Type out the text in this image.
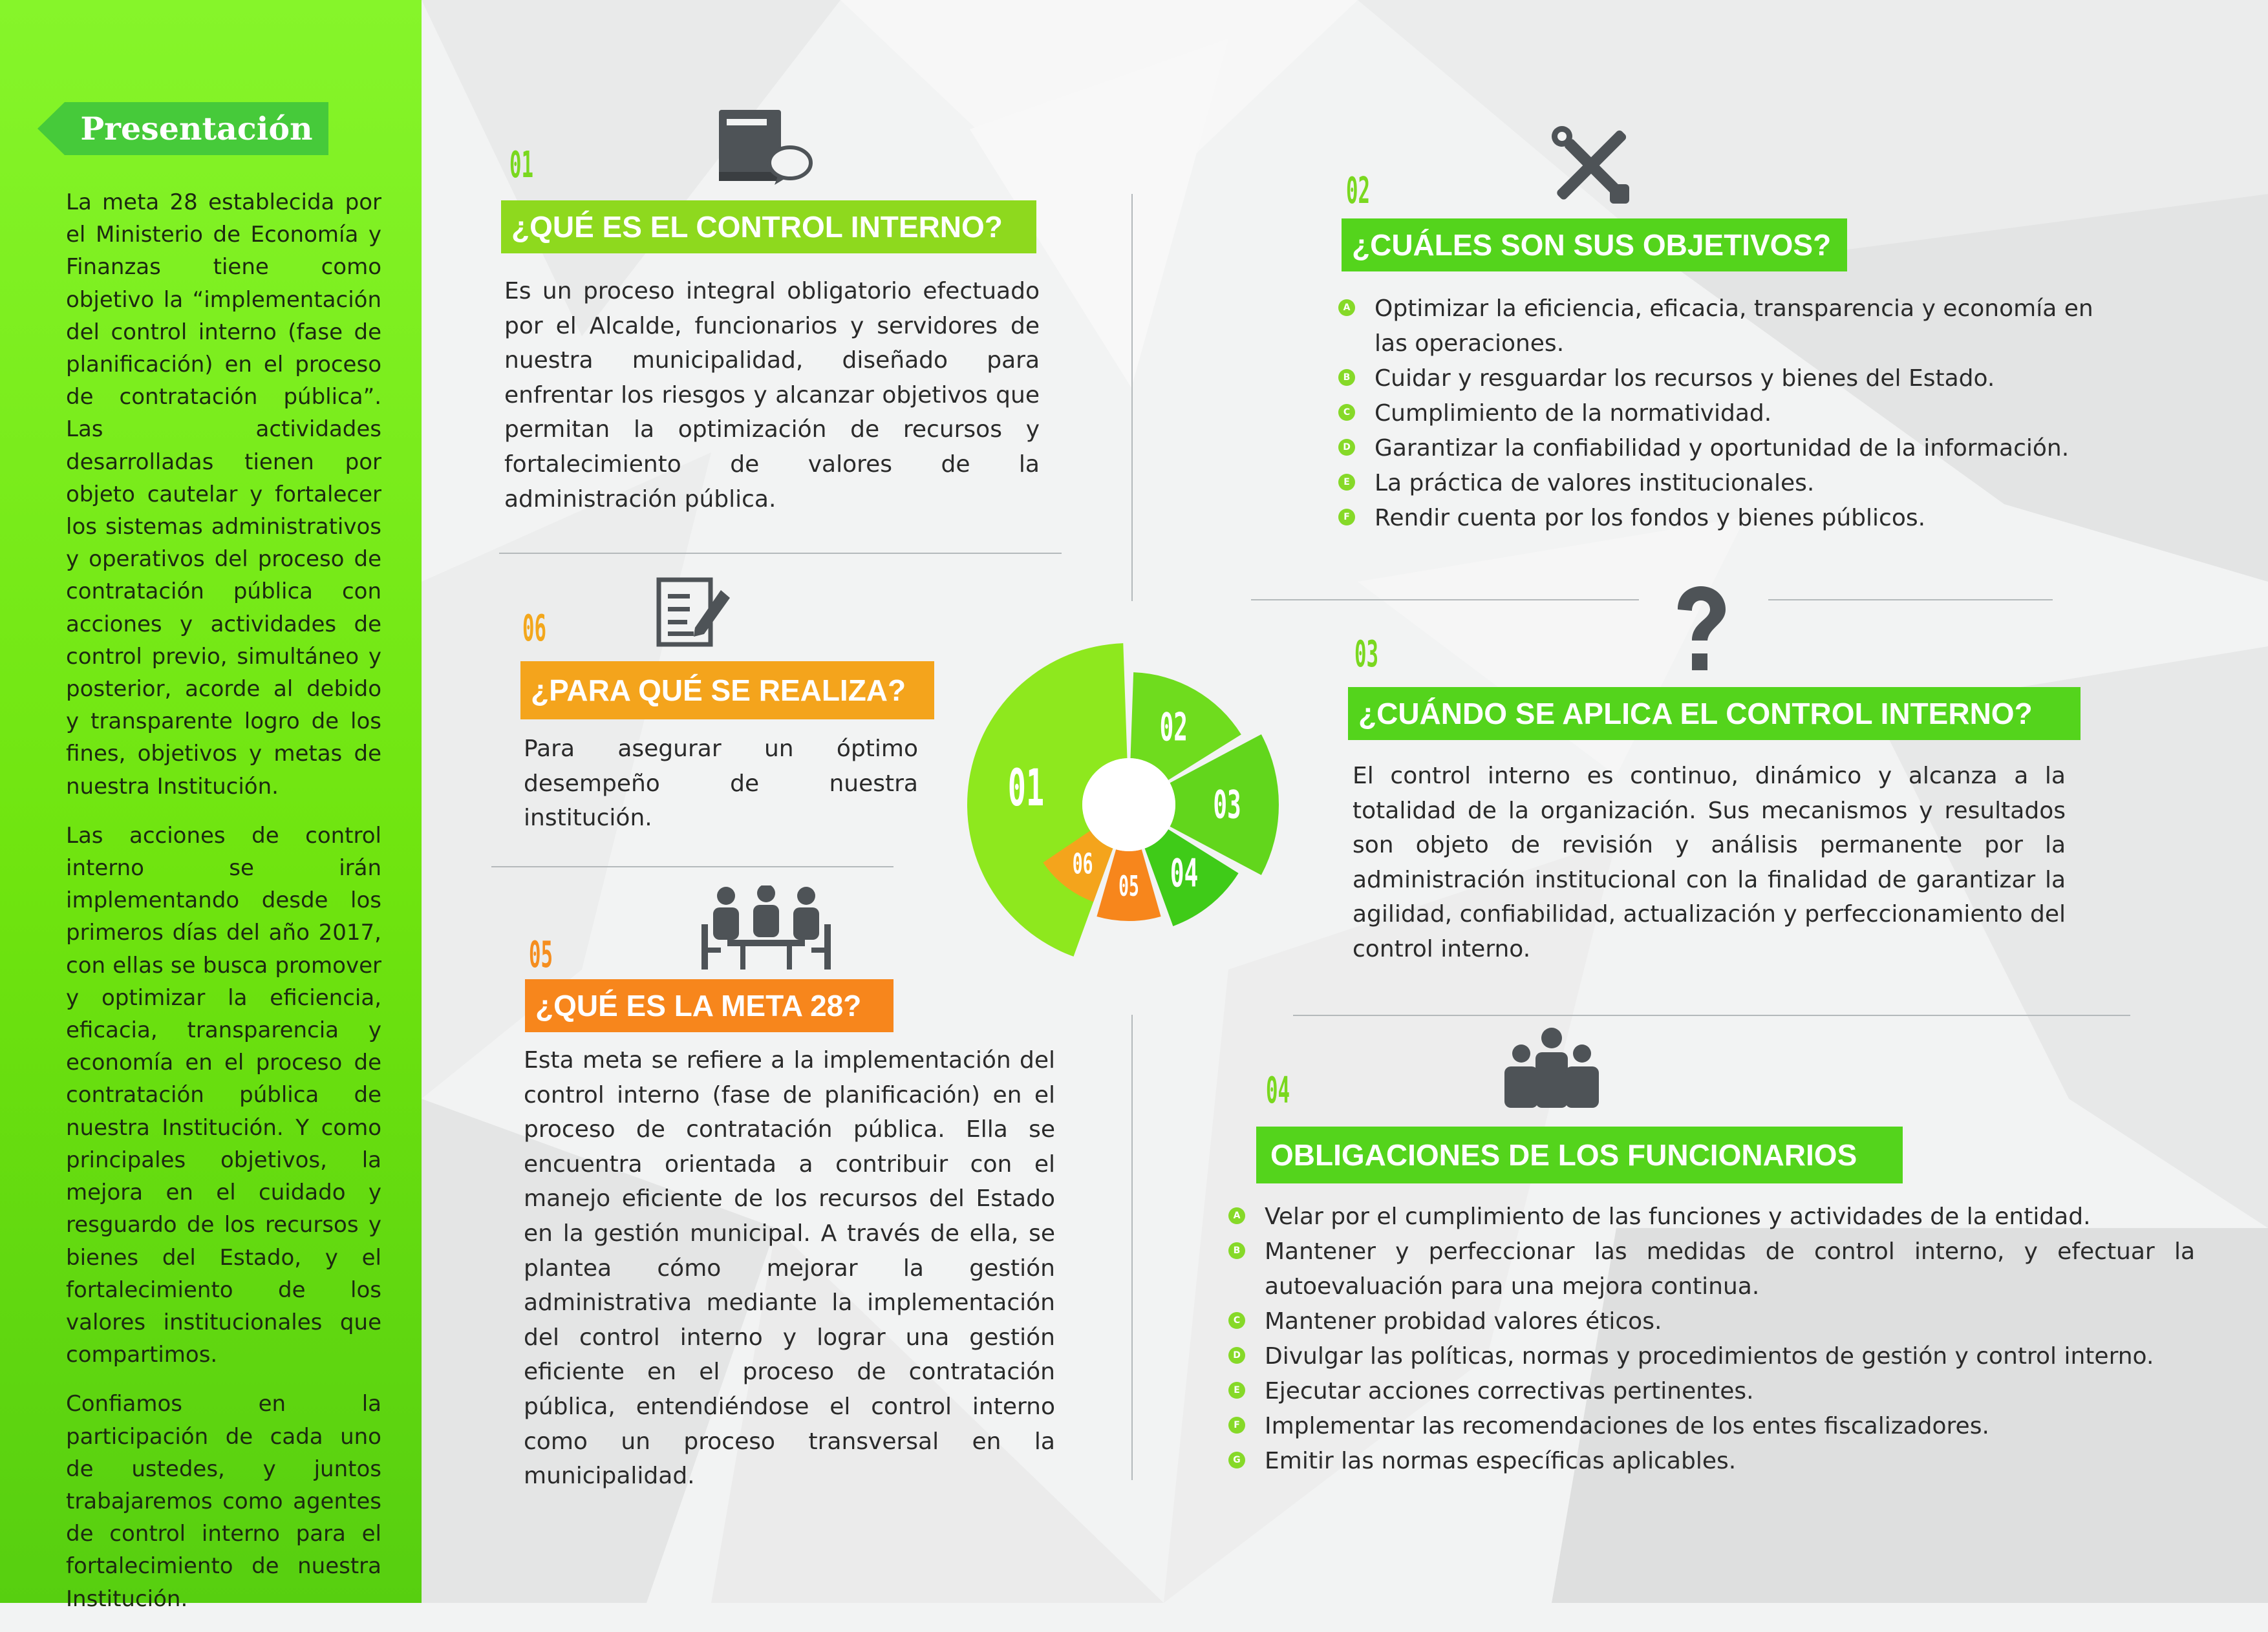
Presentación

La meta 28 establecida por el Ministerio de Economía y Finanzas tiene como objetivo la “implementación del control interno (fase de planificación) en el proceso de contratación pública”. Las actividades desarrolladas tienen por objeto cautelar y fortalecer los sistemas administrativos y operativos del proceso de contratación pública con acciones y actividades de control previo, simultáneo y posterior, acorde al debido y transparente logro de los fines, objetivos y metas de nuestra Institución.

Las acciones de control interno se irán implementando desde los primeros días del año 2017, con ellas se busca promover y optimizar la eficiencia, eficacia, transparencia y economía en el proceso de contratación pública de nuestra Institución. Y como principales objetivos, la mejora en el cuidado y resguardo de los recursos y bienes del Estado, y el fortalecimiento de los valores institucionales que compartimos.

Confiamos en la participación de cada uno de ustedes, y juntos trabajaremos como agentes de control interno para el fortalecimiento de nuestra Institución.

01
¿QUÉ ES EL CONTROL INTERNO?
Es un proceso integral obligatorio efectuado por el Alcalde, funcionarios y servidores de nuestra municipalidad, diseñado para enfrentar los riesgos y alcanzar objetivos que permitan la optimización de recursos y fortalecimiento de valores de la administración pública.
06
¿PARA QUÉ SE REALIZA?
Para asegurar un óptimo desempeño de nuestra institución.
05
¿QUÉ ES LA META 28?
Esta meta se refiere a la implementación del control interno (fase de planificación) en el proceso de contratación pública. Ella se encuentra orientada a contribuir con el manejo eficiente de los recursos del Estado en la gestión municipal. A través de ella, se plantea cómo mejorar la gestión administrativa mediante la implementación del control interno y lograr una gestión eficiente en el proceso de contratación pública, entendiéndose el control interno como un proceso transversal en la municipalidad.
01
02
03
04
05
06
02
¿CUÁLES SON SUS OBJETIVOS?
A Optimizar la eficiencia, eficacia, transparencia y economía en las operaciones.
B Cuidar y resguardar los recursos y bienes del Estado.
C Cumplimiento de la normatividad.
D Garantizar la confiabilidad y oportunidad de la información.
E La práctica de valores institucionales.
F Rendir cuenta por los fondos y bienes públicos.
03
¿CUÁNDO SE APLICA EL CONTROL INTERNO?
El control interno es continuo, dinámico y alcanza a la totalidad de la organización. Sus mecanismos y resultados son objeto de revisión y análisis permanente por la administración institucional con la finalidad de garantizar la agilidad, confiabilidad, actualización y perfeccionamiento del control interno.
04
OBLIGACIONES DE LOS FUNCIONARIOS
A Velar por el cumplimiento de las funciones y actividades de la entidad.
B Mantener y perfeccionar las medidas de control interno, y efectuar la autoevaluación para una mejora continua.
C Mantener probidad valores éticos.
D Divulgar las políticas, normas y procedimientos de gestión y control interno.
E Ejecutar acciones correctivas pertinentes.
F Implementar las recomendaciones de los entes fiscalizadores.
G Emitir las normas específicas aplicables.
